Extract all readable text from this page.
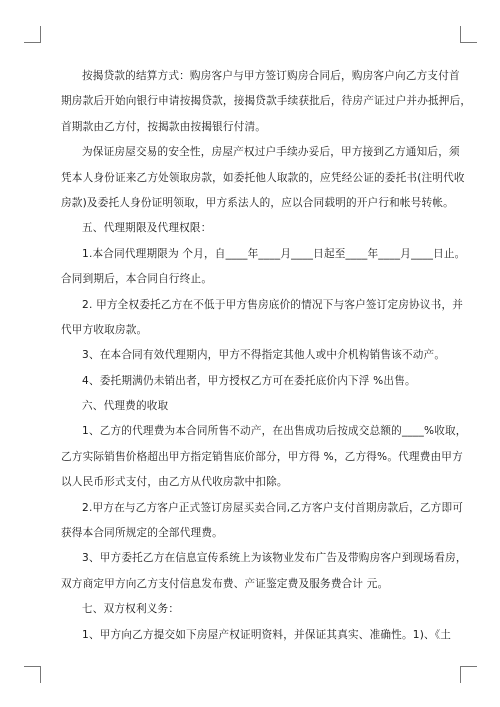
按揭贷款的结算方式：购房客户与甲方签订购房合同后，购房客户向乙方支付首
期房款后开始向银行申请按揭贷款，接揭贷款手续获批后，待房产证过户并办抵押后，
首期款由乙方付，按揭款由按揭银行付清。
为保证房屋交易的安全性，房屋产权过户手续办妥后，甲方接到乙方通知后，须
凭本人身份证来乙方处领取房款，如委托他人取款的，应凭经公证的委托书(注明代收
房款)及委托人身份证明领取，甲方系法人的，应以合同载明的开户行和帐号转帐。
五、代理期限及代理权限：
1.本合同代理期限为 个月，自____年____月____日起至____年____月____日止。
合同到期后，本合同自行终止。
2. 甲方全权委托乙方在不低于甲方售房底价的情况下与客户签订定房协议书，并
代甲方收取房款。
3、在本合同有效代理期内，甲方不得指定其他人或中介机构销售该不动产。
4、委托期满仍未销出者，甲方授权乙方可在委托底价内下浮 %出售。
六、代理费的收取
1、乙方的代理费为本合同所售不动产，在出售成功后按成交总额的____%收取，
乙方实际销售价格超出甲方指定销售底价部分，甲方得 %，乙方得%。代理费由甲方
以人民币形式支付，由乙方从代收房款中扣除。
2.甲方在与乙方客户正式签订房屋买卖合同,乙方客户支付首期房款后，乙方即可
获得本合同所规定的全部代理费。
3、甲方委托乙方在信息宣传系统上为该物业发布广告及带购房客户到现场看房，
双方商定甲方向乙方支付信息发布费、产证鉴定费及服务费合计 元。
七、双方权利义务：
1、甲方向乙方提交如下房屋产权证明资料，并保证其真实、准确性。1)、《土
